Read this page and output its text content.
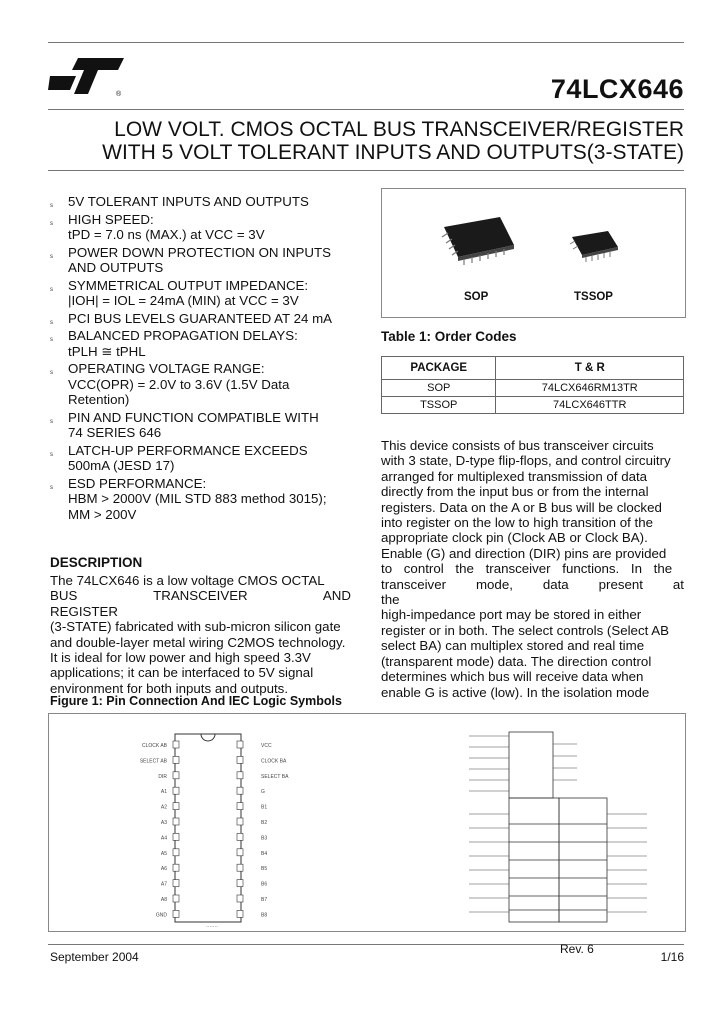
®	74LCX646
LOW VOLT. CMOS OCTAL BUS TRANSCEIVER/REGISTER
WITH 5 VOLT TOLERANT INPUTS AND OUTPUTS(3-STATE)
s 5V TOLERANT INPUTS AND OUTPUTS
s HIGH SPEED:
tPD = 7.0 ns (MAX.) at VCC = 3V
s POWER DOWN PROTECTION ON INPUTS
AND OUTPUTS
s SYMMETRICAL OUTPUT IMPEDANCE:
|IOH| = IOL = 24mA (MIN) at VCC = 3V
s PCI BUS LEVELS GUARANTEED AT 24 mA
s BALANCED PROPAGATION DELAYS:
tPLH ≅ tPHL
s OPERATING VOLTAGE RANGE:
VCC(OPR) = 2.0V to 3.6V (1.5V Data
Retention)
s PIN AND FUNCTION COMPATIBLE WITH
74 SERIES 646
s LATCH-UP PERFORMANCE EXCEEDS
500mA (JESD 17)
s ESD PERFORMANCE:
HBM > 2000V (MIL STD 883 method 3015);
MM > 200V
SOP	TSSOP
Table 1: Order Codes
PACKAGE	T & R
SOP	74LCX646RM13TR
TSSOP	74LCX646TTR
DESCRIPTION
The 74LCX646 is a low voltage CMOS OCTAL
BUS TRANSCEIVER AND REGISTER
(3-STATE) fabricated with sub-micron silicon gate
and double-layer metal wiring C2MOS technology.
It is ideal for low power and high speed 3.3V
applications; it can be interfaced to 5V signal
environment for both inputs and outputs.
This device consists of bus transceiver circuits
with 3 state, D-type flip-flops, and control circuitry
arranged for multiplexed transmission of data
directly from the input bus or from the internal
registers. Data on the A or B bus will be clocked
into register on the low to high transition of the
appropriate clock pin (Clock AB or Clock BA).
Enable (G) and direction (DIR) pins are provided
to control the transceiver functions. In the
transceiver mode, data present at the
high-impedance port may be stored in either
register or in both. The select controls (Select AB
select BA) can multiplex stored and real time
(transparent mode) data. The direction control
determines which bus will receive data when
enable G is active (low). In the isolation mode
Figure 1: Pin Connection And IEC Logic Symbols
CLOCK AB	VCC
SELECT AB	CLOCK BA
DIR	SELECT BA
A1	G
A2	B1
A3	B2
A4	B3
A5	B4
A6	B5
A7	B6
A8	B7
GND	B8
·······
Rev. 6
September 2004	1/16
